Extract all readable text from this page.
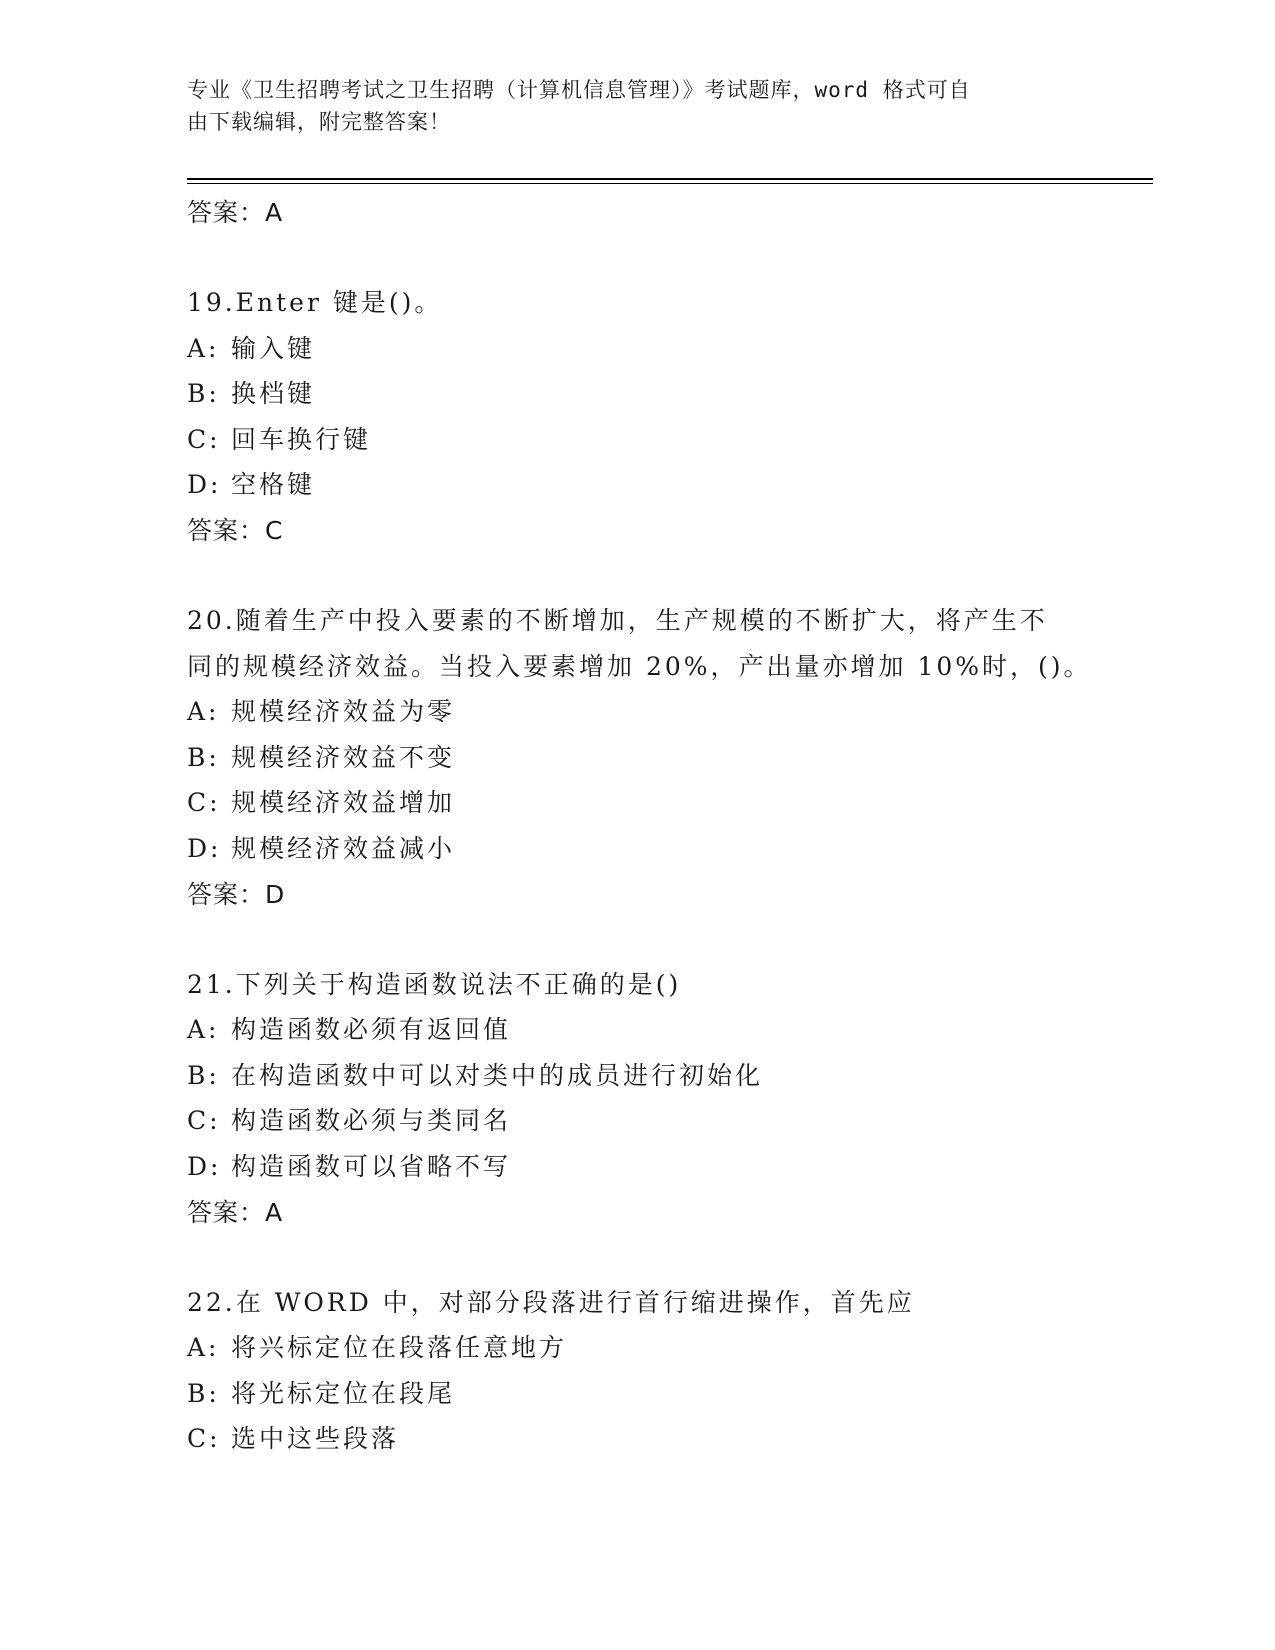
专业《卫生招聘考试之卫生招聘（计算机信息管理）》考试题库，word 格式可自
由下载编辑，附完整答案！
答案：A
19.Enter 键是()。
A: 输入键
B: 换档键
C: 回车换行键
D: 空格键
答案：C
20.随着生产中投入要素的不断增加，生产规模的不断扩大，将产生不
同的规模经济效益。当投入要素增加 20%，产出量亦增加 10%时，()。
A: 规模经济效益为零
B: 规模经济效益不变
C: 规模经济效益增加
D: 规模经济效益减小
答案：D
21.下列关于构造函数说法不正确的是()
A: 构造函数必须有返回值
B: 在构造函数中可以对类中的成员进行初始化
C: 构造函数必须与类同名
D: 构造函数可以省略不写
答案：A
22.在 WORD 中，对部分段落进行首行缩进操作，首先应
A: 将兴标定位在段落任意地方
B: 将光标定位在段尾
C: 选中这些段落
